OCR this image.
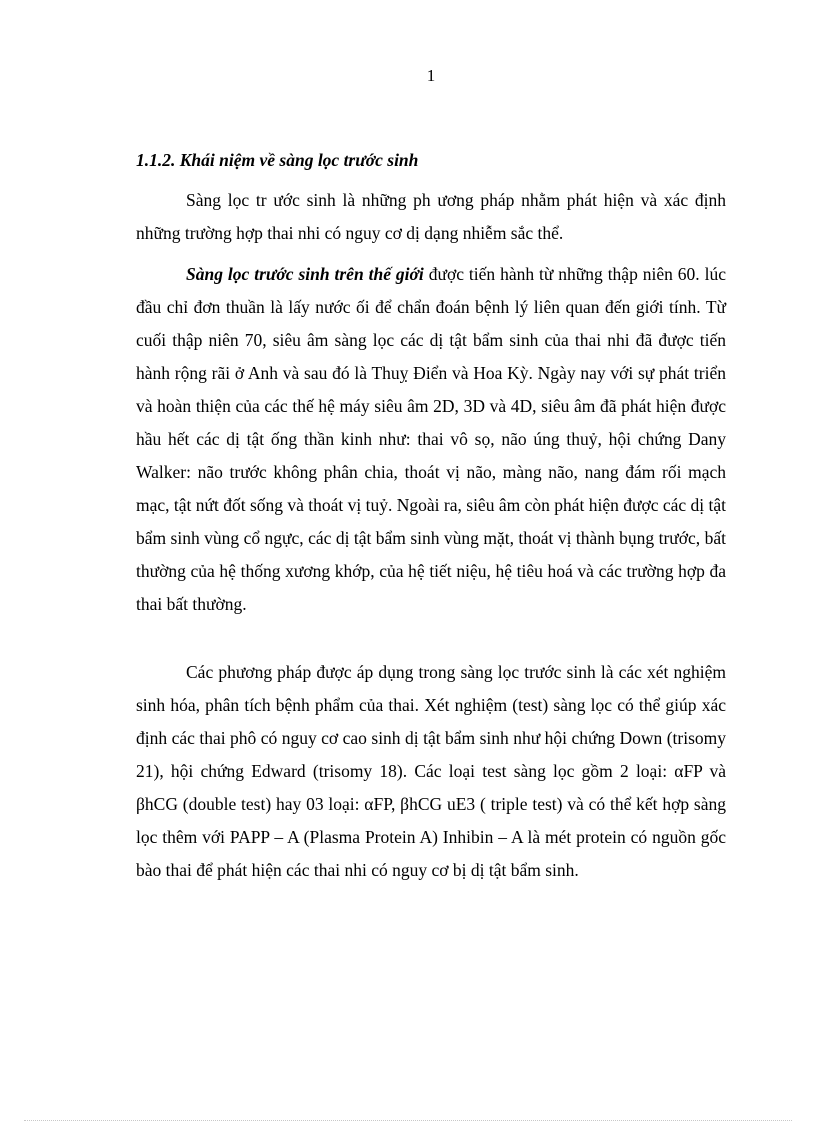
1
1.1.2. Khái niệm về sàng lọc trước sinh

Sàng lọc tr ước sinh là những ph ương pháp nhằm phát hiện và xác định những trường hợp thai nhi có nguy cơ dị dạng nhiễm sắc thể.

Sàng lọc trước sinh trên thế giới được tiến hành từ những thập niên 60. lúc đầu chỉ đơn thuần là lấy nước ối để chẩn đoán bệnh lý liên quan đến giới tính. Từ cuối thập niên 70, siêu âm sàng lọc các dị tật bẩm sinh của thai nhi đã được tiến hành rộng rãi ở Anh và sau đó là Thuỵ Điển và Hoa Kỳ. Ngày nay với sự phát triển và hoàn thiện của các thế hệ máy siêu âm 2D, 3D và 4D, siêu âm đã phát hiện được hầu hết các dị tật ống thần kinh như: thai vô sọ, não úng thuỷ, hội chứng Dany Walker: não trước không phân chia, thoát vị não, màng não, nang đám rối mạch mạc, tật nứt đốt sống và thoát vị tuỷ. Ngoài ra, siêu âm còn phát hiện được các dị tật bẩm sinh vùng cổ ngực, các dị tật bẩm sinh vùng mặt, thoát vị thành bụng trước, bất thường của hệ thống xương khớp, của hệ tiết niệu, hệ tiêu hoá và các trường hợp đa thai bất thường.

Các phương pháp được áp dụng trong sàng lọc trước sinh là các xét nghiệm sinh hóa, phân tích bệnh phẩm của thai. Xét nghiệm (test) sàng lọc có thể giúp xác định các thai phô có nguy cơ cao sinh dị tật bẩm sinh như hội chứng Down (trisomy 21), hội chứng Edward (trisomy 18). Các loại test sàng lọc gồm 2 loại: αFP và βhCG (double test) hay 03 loại: αFP, βhCG uE3 ( triple test) và có thể kết hợp sàng lọc thêm với PAPP – A (Plasma Protein A) Inhibin – A là mét protein có nguồn gốc bào thai để phát hiện các thai nhi có nguy cơ bị dị tật bẩm sinh.
